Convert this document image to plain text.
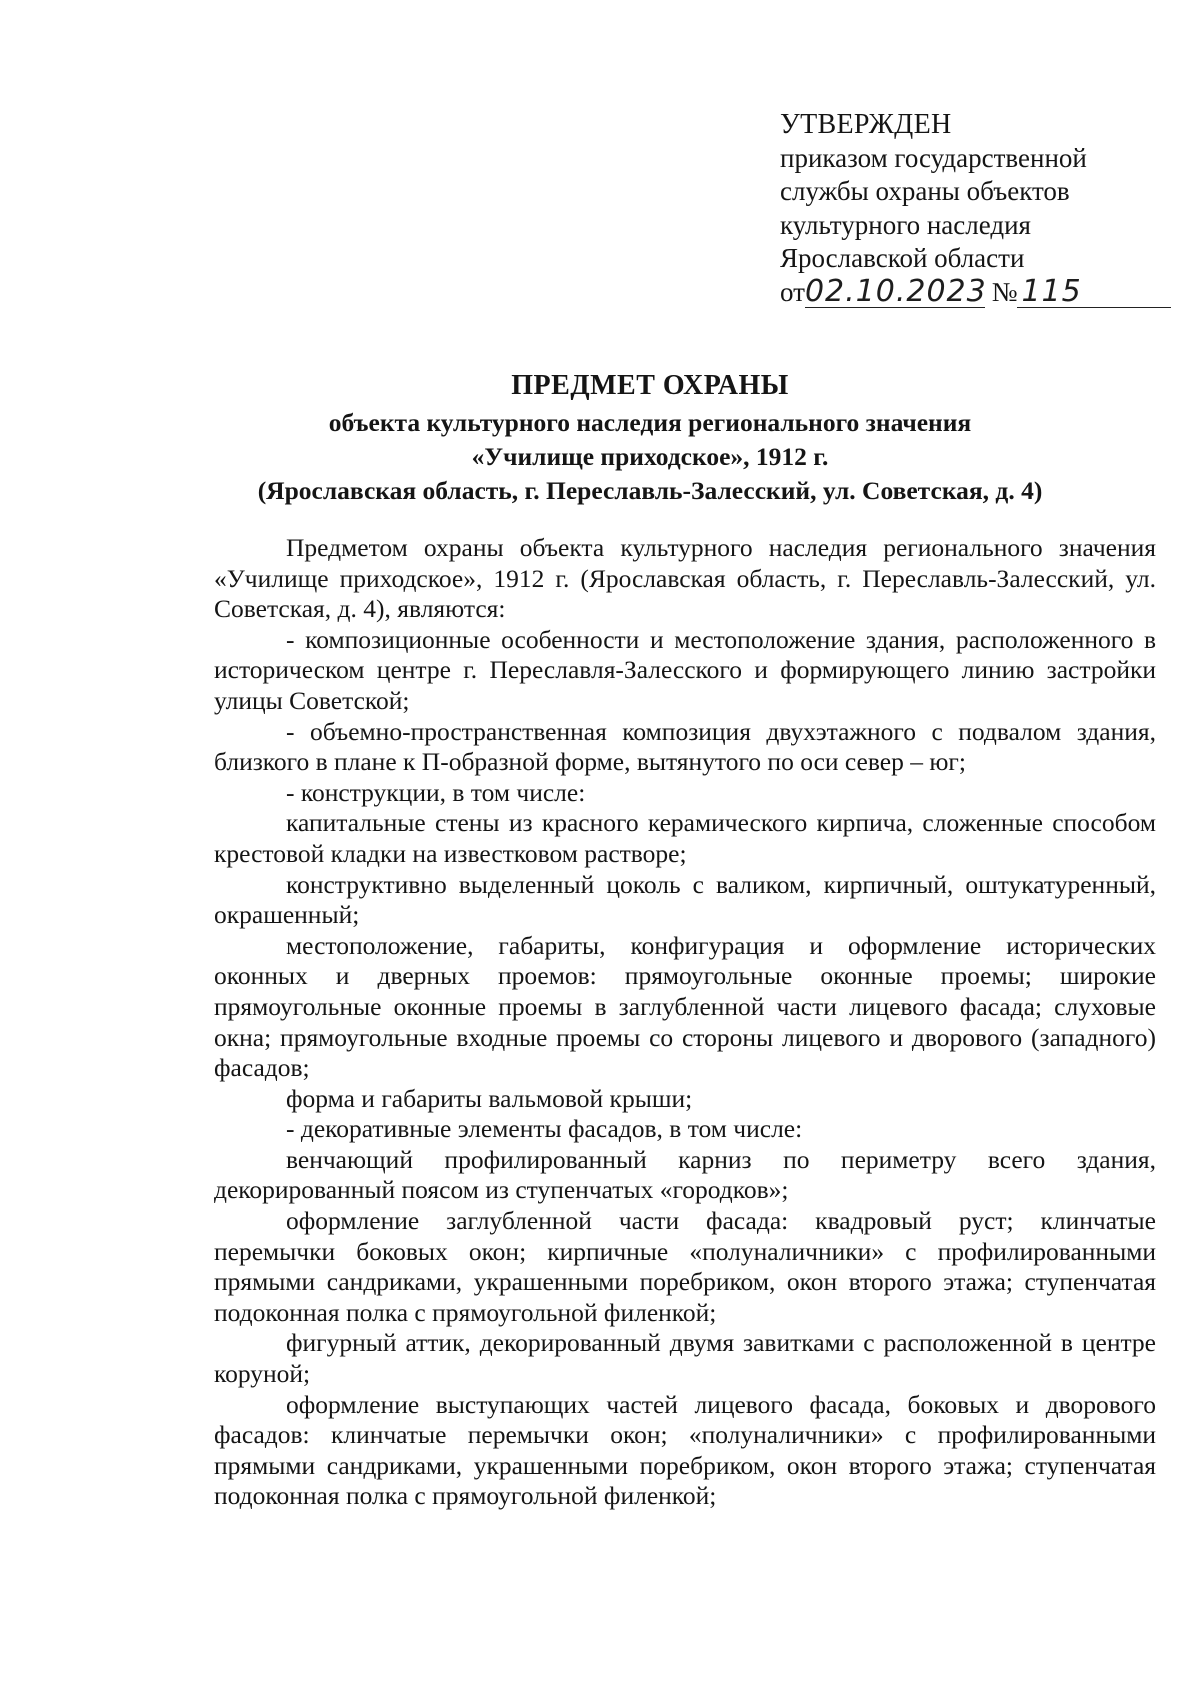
УТВЕРЖДЕН
приказом государственной
службы охраны объектов
культурного наследия
Ярославской области
от02.10.2023 № 115
ПРЕДМЕТ ОХРАНЫ
объекта культурного наследия регионального значения
«Училище приходское», 1912 г.
(Ярославская область, г. Переславль-Залесский, ул. Советская, д. 4)

Предметом охраны объекта культурного наследия регионального значения «Училище приходское», 1912 г. (Ярославская область, г. Переславль-Залесский, ул. Советская, д. 4), являются:

- композиционные особенности и местоположение здания, расположенного в историческом центре г. Переславля-Залесского и формирующего линию застройки улицы Советской;

- объемно-пространственная композиция двухэтажного с подвалом здания, близкого в плане к П-образной форме, вытянутого по оси север – юг;

- конструкции, в том числе:

капитальные стены из красного керамического кирпича, сложенные способом крестовой кладки на известковом растворе;

конструктивно выделенный цоколь с валиком, кирпичный, оштукатуренный, окрашенный;

местоположение, габариты, конфигурация и оформление исторических оконных и дверных проемов: прямоугольные оконные проемы; широкие прямоугольные оконные проемы в заглубленной части лицевого фасада; слуховые окна; прямоугольные входные проемы со стороны лицевого и дворового (западного) фасадов;

форма и габариты вальмовой крыши;

- декоративные элементы фасадов, в том числе:

венчающий профилированный карниз по периметру всего здания, декорированный поясом из ступенчатых «городков»;

оформление заглубленной части фасада: квадровый руст; клинчатые перемычки боковых окон; кирпичные «полуналичники» с профилированными прямыми сандриками, украшенными поребриком, окон второго этажа; ступенчатая подоконная полка с прямоугольной филенкой;

фигурный аттик, декорированный двумя завитками с расположенной в центре коруной;

оформление выступающих частей лицевого фасада, боковых и дворового фасадов: клинчатые перемычки окон; «полуналичники» с профилированными прямыми сандриками, украшенными поребриком, окон второго этажа; ступенчатая подоконная полка с прямоугольной филенкой;
